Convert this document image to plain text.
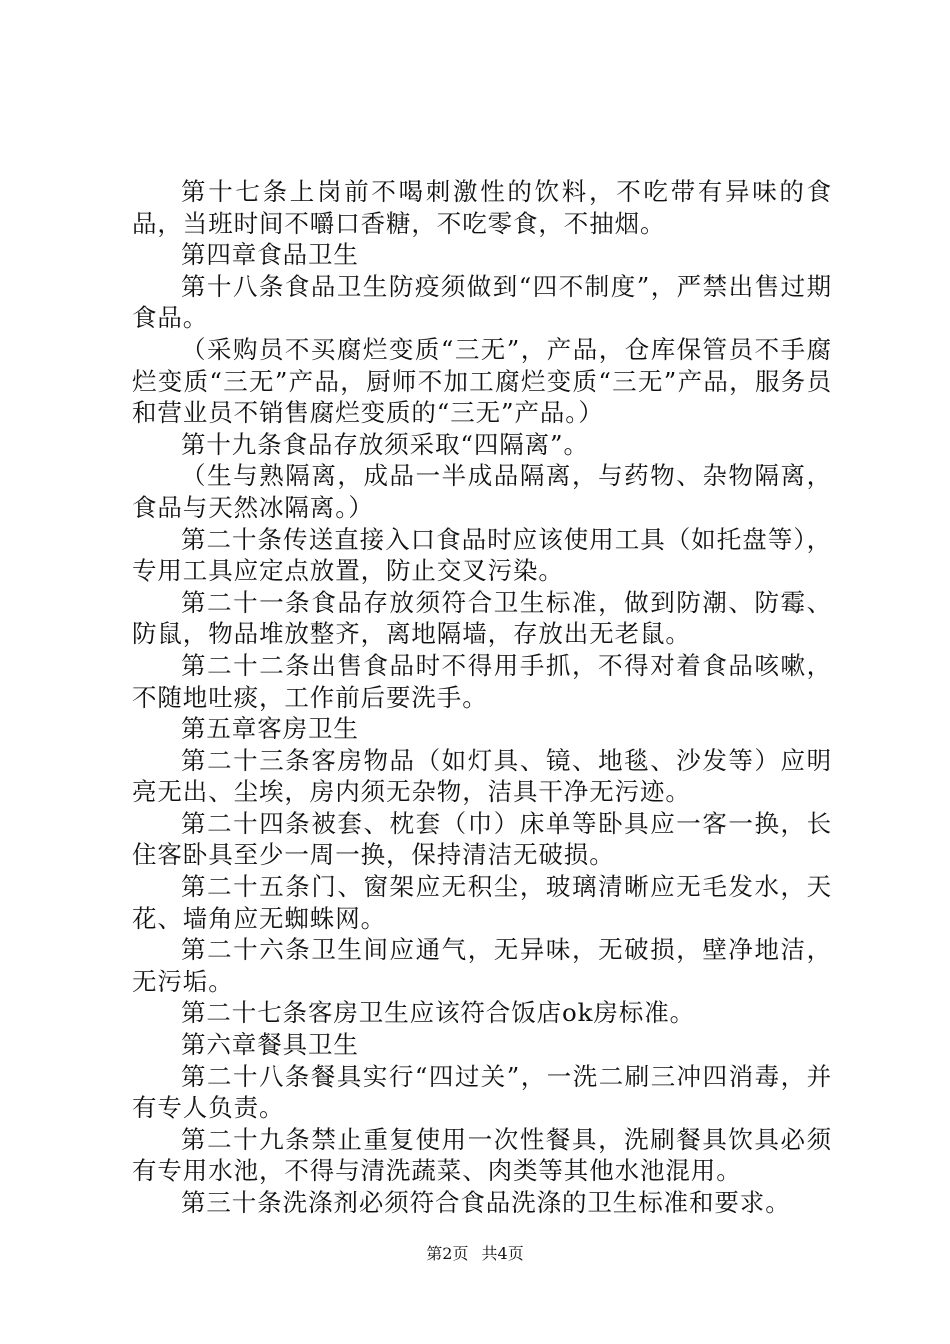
第十七条上岗前不喝刺激性的饮料，不吃带有异味的食品，当班时间不嚼口香糖，不吃零食，不抽烟。

第四章食品卫生

第十八条食品卫生防疫须做到“四不制度”，严禁出售过期食品。

（采购员不买腐烂变质“三无”，产品，仓库保管员不手腐烂变质“三无”产品，厨师不加工腐烂变质“三无”产品，服务员和营业员不销售腐烂变质的“三无”产品。）

第十九条食品存放须采取“四隔离”。

（生与熟隔离，成品一半成品隔离，与药物、杂物隔离，食品与天然冰隔离。）

第二十条传送直接入口食品时应该使用工具（如托盘等），专用工具应定点放置，防止交叉污染。

第二十一条食品存放须符合卫生标准，做到防潮、防霉、防鼠，物品堆放整齐，离地隔墙，存放出无老鼠。

第二十二条出售食品时不得用手抓，不得对着食品咳嗽，不随地吐痰，工作前后要洗手。

第五章客房卫生

第二十三条客房物品（如灯具、镜、地毯、沙发等）应明亮无出、尘埃，房内须无杂物，洁具干净无污迹。

第二十四条被套、枕套（巾）床单等卧具应一客一换，长住客卧具至少一周一换，保持清洁无破损。

第二十五条门、窗架应无积尘，玻璃清晰应无毛发水，天花、墙角应无蜘蛛网。

第二十六条卫生间应通气，无异味，无破损，壁净地洁，无污垢。

第二十七条客房卫生应该符合饭店ok房标准。

第六章餐具卫生

第二十八条餐具实行“四过关”，一洗二刷三冲四消毒，并有专人负责。

第二十九条禁止重复使用一次性餐具，洗刷餐具饮具必须有专用水池，不得与清洗蔬菜、肉类等其他水池混用。

第三十条洗涤剂必须符合食品洗涤的卫生标准和要求。

第2页 共4页
